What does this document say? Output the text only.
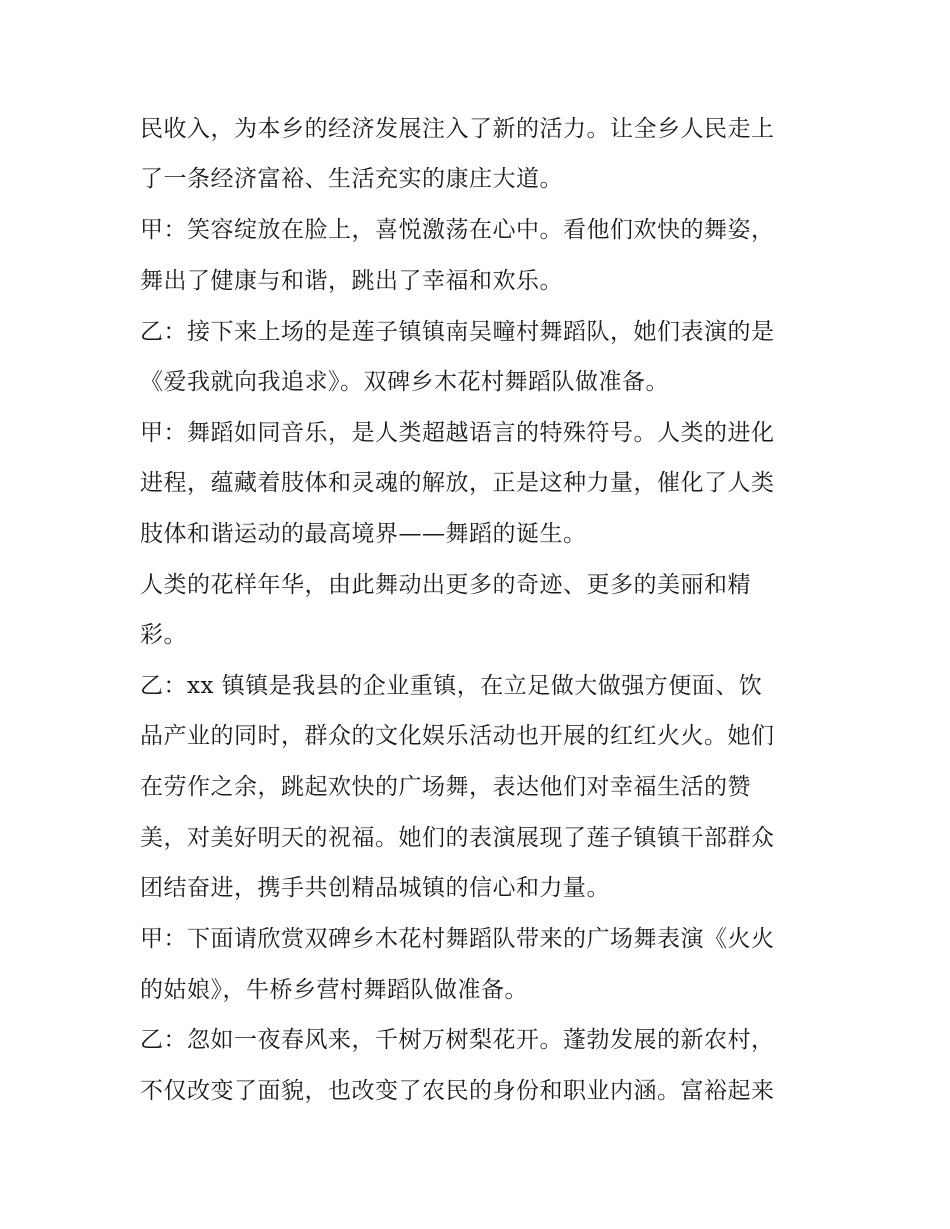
民收入，为本乡的经济发展注入了新的活力。让全乡人民走上
了一条经济富裕、生活充实的康庄大道。
甲：笑容绽放在脸上，喜悦激荡在心中。看他们欢快的舞姿，
舞出了健康与和谐，跳出了幸福和欢乐。
乙：接下来上场的是莲子镇镇南吴疃村舞蹈队，她们表演的是
《爱我就向我追求》。双碑乡木花村舞蹈队做准备。
甲：舞蹈如同音乐，是人类超越语言的特殊符号。人类的进化
进程，蕴藏着肢体和灵魂的解放，正是这种力量，催化了人类
肢体和谐运动的最高境界——舞蹈的诞生。
人类的花样年华，由此舞动出更多的奇迹、更多的美丽和精
彩。
乙：xx 镇镇是我县的企业重镇，在立足做大做强方便面、饮
品产业的同时，群众的文化娱乐活动也开展的红红火火。她们
在劳作之余，跳起欢快的广场舞，表达他们对幸福生活的赞
美，对美好明天的祝福。她们的表演展现了莲子镇镇干部群众
团结奋进，携手共创精品城镇的信心和力量。
甲：下面请欣赏双碑乡木花村舞蹈队带来的广场舞表演《火火
的姑娘》，牛桥乡营村舞蹈队做准备。
乙：忽如一夜春风来，千树万树梨花开。蓬勃发展的新农村，
不仅改变了面貌，也改变了农民的身份和职业内涵。富裕起来
